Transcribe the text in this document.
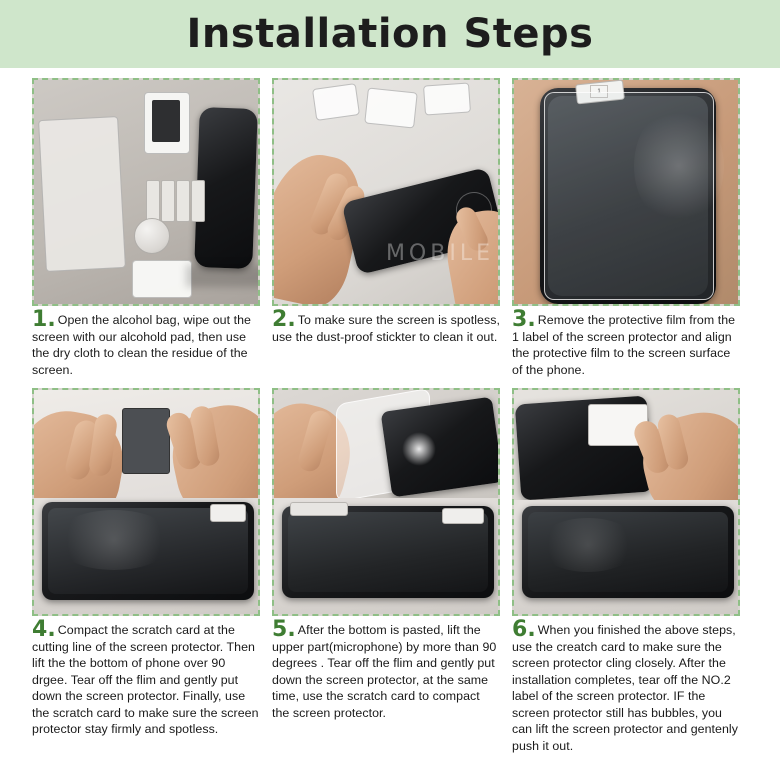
Installation Steps
1. Open the alcohol bag, wipe out the screen with our alcohold pad, then use the dry cloth to clean the residue of the screen.
MOBILE
2. To make sure the screen is spotless, use the dust-proof stickter to clean it out.
1
3. Remove the protective film from the 1 label of the screen protector and align the protective film to the screen surface of the phone.
4. Compact the scratch card at the cutting line of the screen protector. Then lift the the bottom of phone over 90 drgee. Tear off the flim and gently put down the screen protector. Finally, use the scratch card to make sure the screen protector stay firmly and spotless.
5. After the bottom is pasted, lift the upper part(microphone) by more than 90 degrees . Tear off the flim and gently put down the screen protector, at the same time, use the scratch card to compact the screen protector.
6. When you finished the above steps, use the creatch card to make sure the screen protector cling closely. After the installation completes, tear off the NO.2 label of the screen protector. IF the screen protector still has bubbles, you can lift the screen protector and gentenly push it out.
